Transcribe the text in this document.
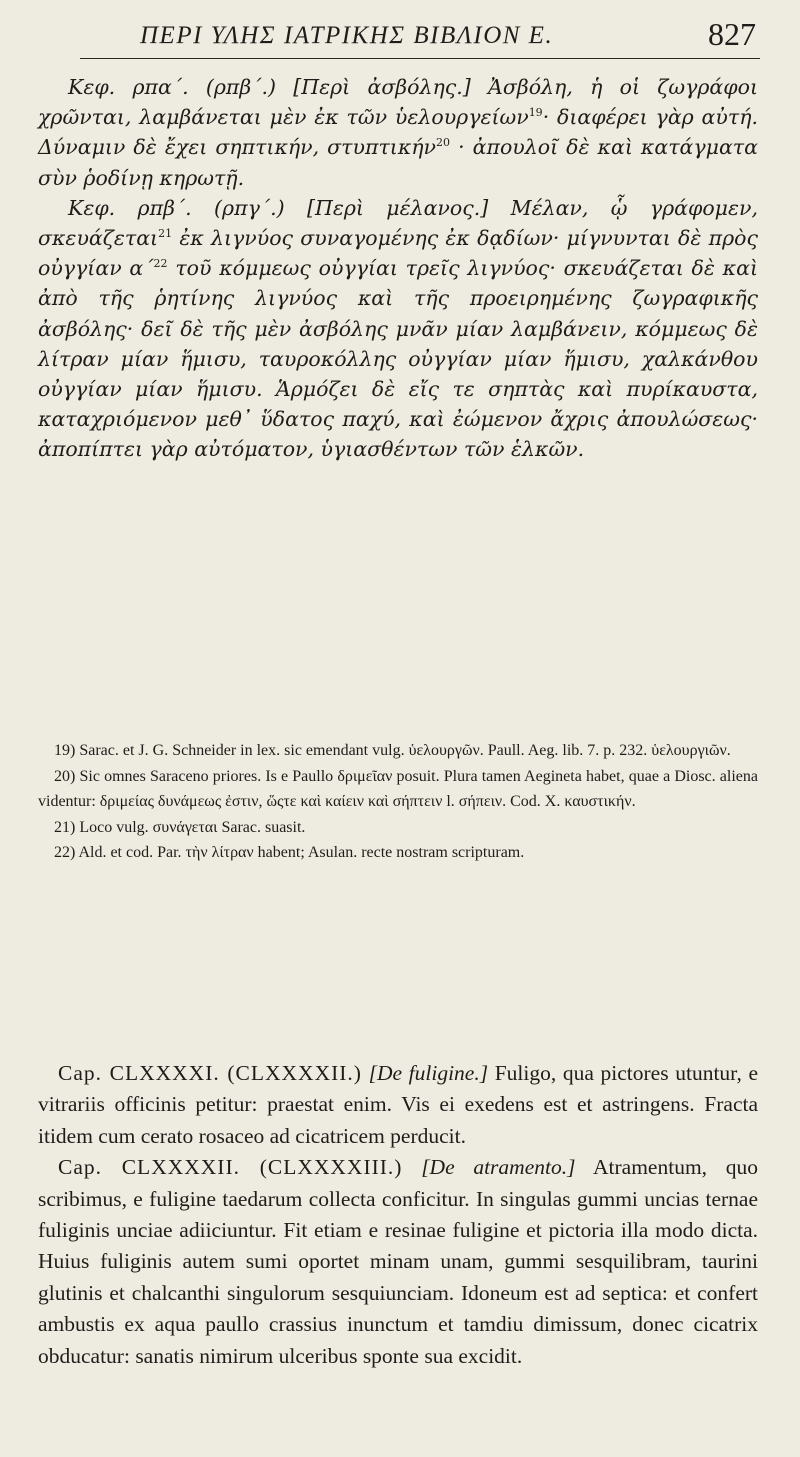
ΠΕΡΙ ΥΛΗΣ ΙΑΤΡΙΚΗΣ ΒΙΒΛΙΟΝ Ε.	827

Κεφ. ρπα΄. (ρπβ΄.) [Περὶ ἀσβόλης.] Ἀσβόλη, ἡ οἱ ζωγράφοι χρῶνται, λαμβάνεται μὲν ἐκ τῶν ὑελουργείων$^{19}$· διαφέρει γὰρ αὐτή. Δύναμιν δὲ ἔχει σηπτικήν, στυπτικήν$^{20}$ · ἀπουλοῖ δὲ καὶ κατάγματα σὺν ῥοδίνῃ κηρωτῇ.

Κεφ. ρπβ΄. (ρπγ΄.) [Περὶ μέλανος.] Μέλαν, ᾧ γράφομεν, σκευάζεται$^{21}$ ἐκ λιγνύος συναγομένης ἐκ δᾳδίων· μίγνυνται δὲ πρὸς οὐγγίαν α΄$^{22}$ τοῦ κόμμεως οὐγγίαι τρεῖς λιγνύος· σκευάζεται δὲ καὶ ἀπὸ τῆς ῥητίνης λιγνύος καὶ τῆς προειρημένης ζωγραφικῆς ἀσβόλης· δεῖ δὲ τῆς μὲν ἀσβόλης μνᾶν μίαν λαμβάνειν, κόμμεως δὲ λίτραν μίαν ἥμισυ, ταυροκόλλης οὐγγίαν μίαν ἥμισυ, χαλκάνθου οὐγγίαν μίαν ἥμισυ. Ἁρμόζει δὲ εἴς τε σηπτὰς καὶ πυρίκαυστα, καταχριόμενον μεθ᾽ ὕδατος παχύ, καὶ ἐώμενον ἄχρις ἀπουλώσεως· ἀποπίπτει γὰρ αὐτόματον, ὑγιασθέντων τῶν ἑλκῶν.

19) Sarac. et J. G. Schneider in lex. sic emendant vulg. ὑελουργῶν. Paull. Aeg. lib. 7. p. 232. ὑελουργιῶν.

20) Sic omnes Saraceno priores. Is e Paullo δριμεῖαν posuit. Plura tamen Aegineta habet, quae a Diosc. aliena videntur: δριμείας δυνάμεως ἐστιν, ὥςτε καὶ καίειν καὶ σήπτειν l. σήπειν. Cod. X. καυστικήν.

21) Loco vulg. συνάγεται Sarac. suasit.

22) Ald. et cod. Par. τὴν λίτραν habent; Asulan. recte nostram scripturam.

Cap. CLXXXXI. (CLXXXXII.) [De fuligine.] Fuligo, qua pictores utuntur, e vitrariis officinis petitur: praestat enim. Vis ei exedens est et astringens. Fracta itidem cum cerato rosaceo ad cicatricem perducit.

Cap. CLXXXXII. (CLXXXXIII.) [De atramento.] Atramentum, quo scribimus, e fuligine taedarum collecta conficitur. In singulas gummi uncias ternae fuliginis unciae adiiciuntur. Fit etiam e resinae fuligine et pictoria illa modo dicta. Huius fuliginis autem sumi oportet minam unam, gummi sesquilibram, taurini glutinis et chalcanthi singulorum sesquiunciam. Idoneum est ad septica: et confert ambustis ex aqua paullo crassius inunctum et tamdiu dimissum, donec cicatrix obducatur: sanatis nimirum ulceribus sponte sua excidit.
